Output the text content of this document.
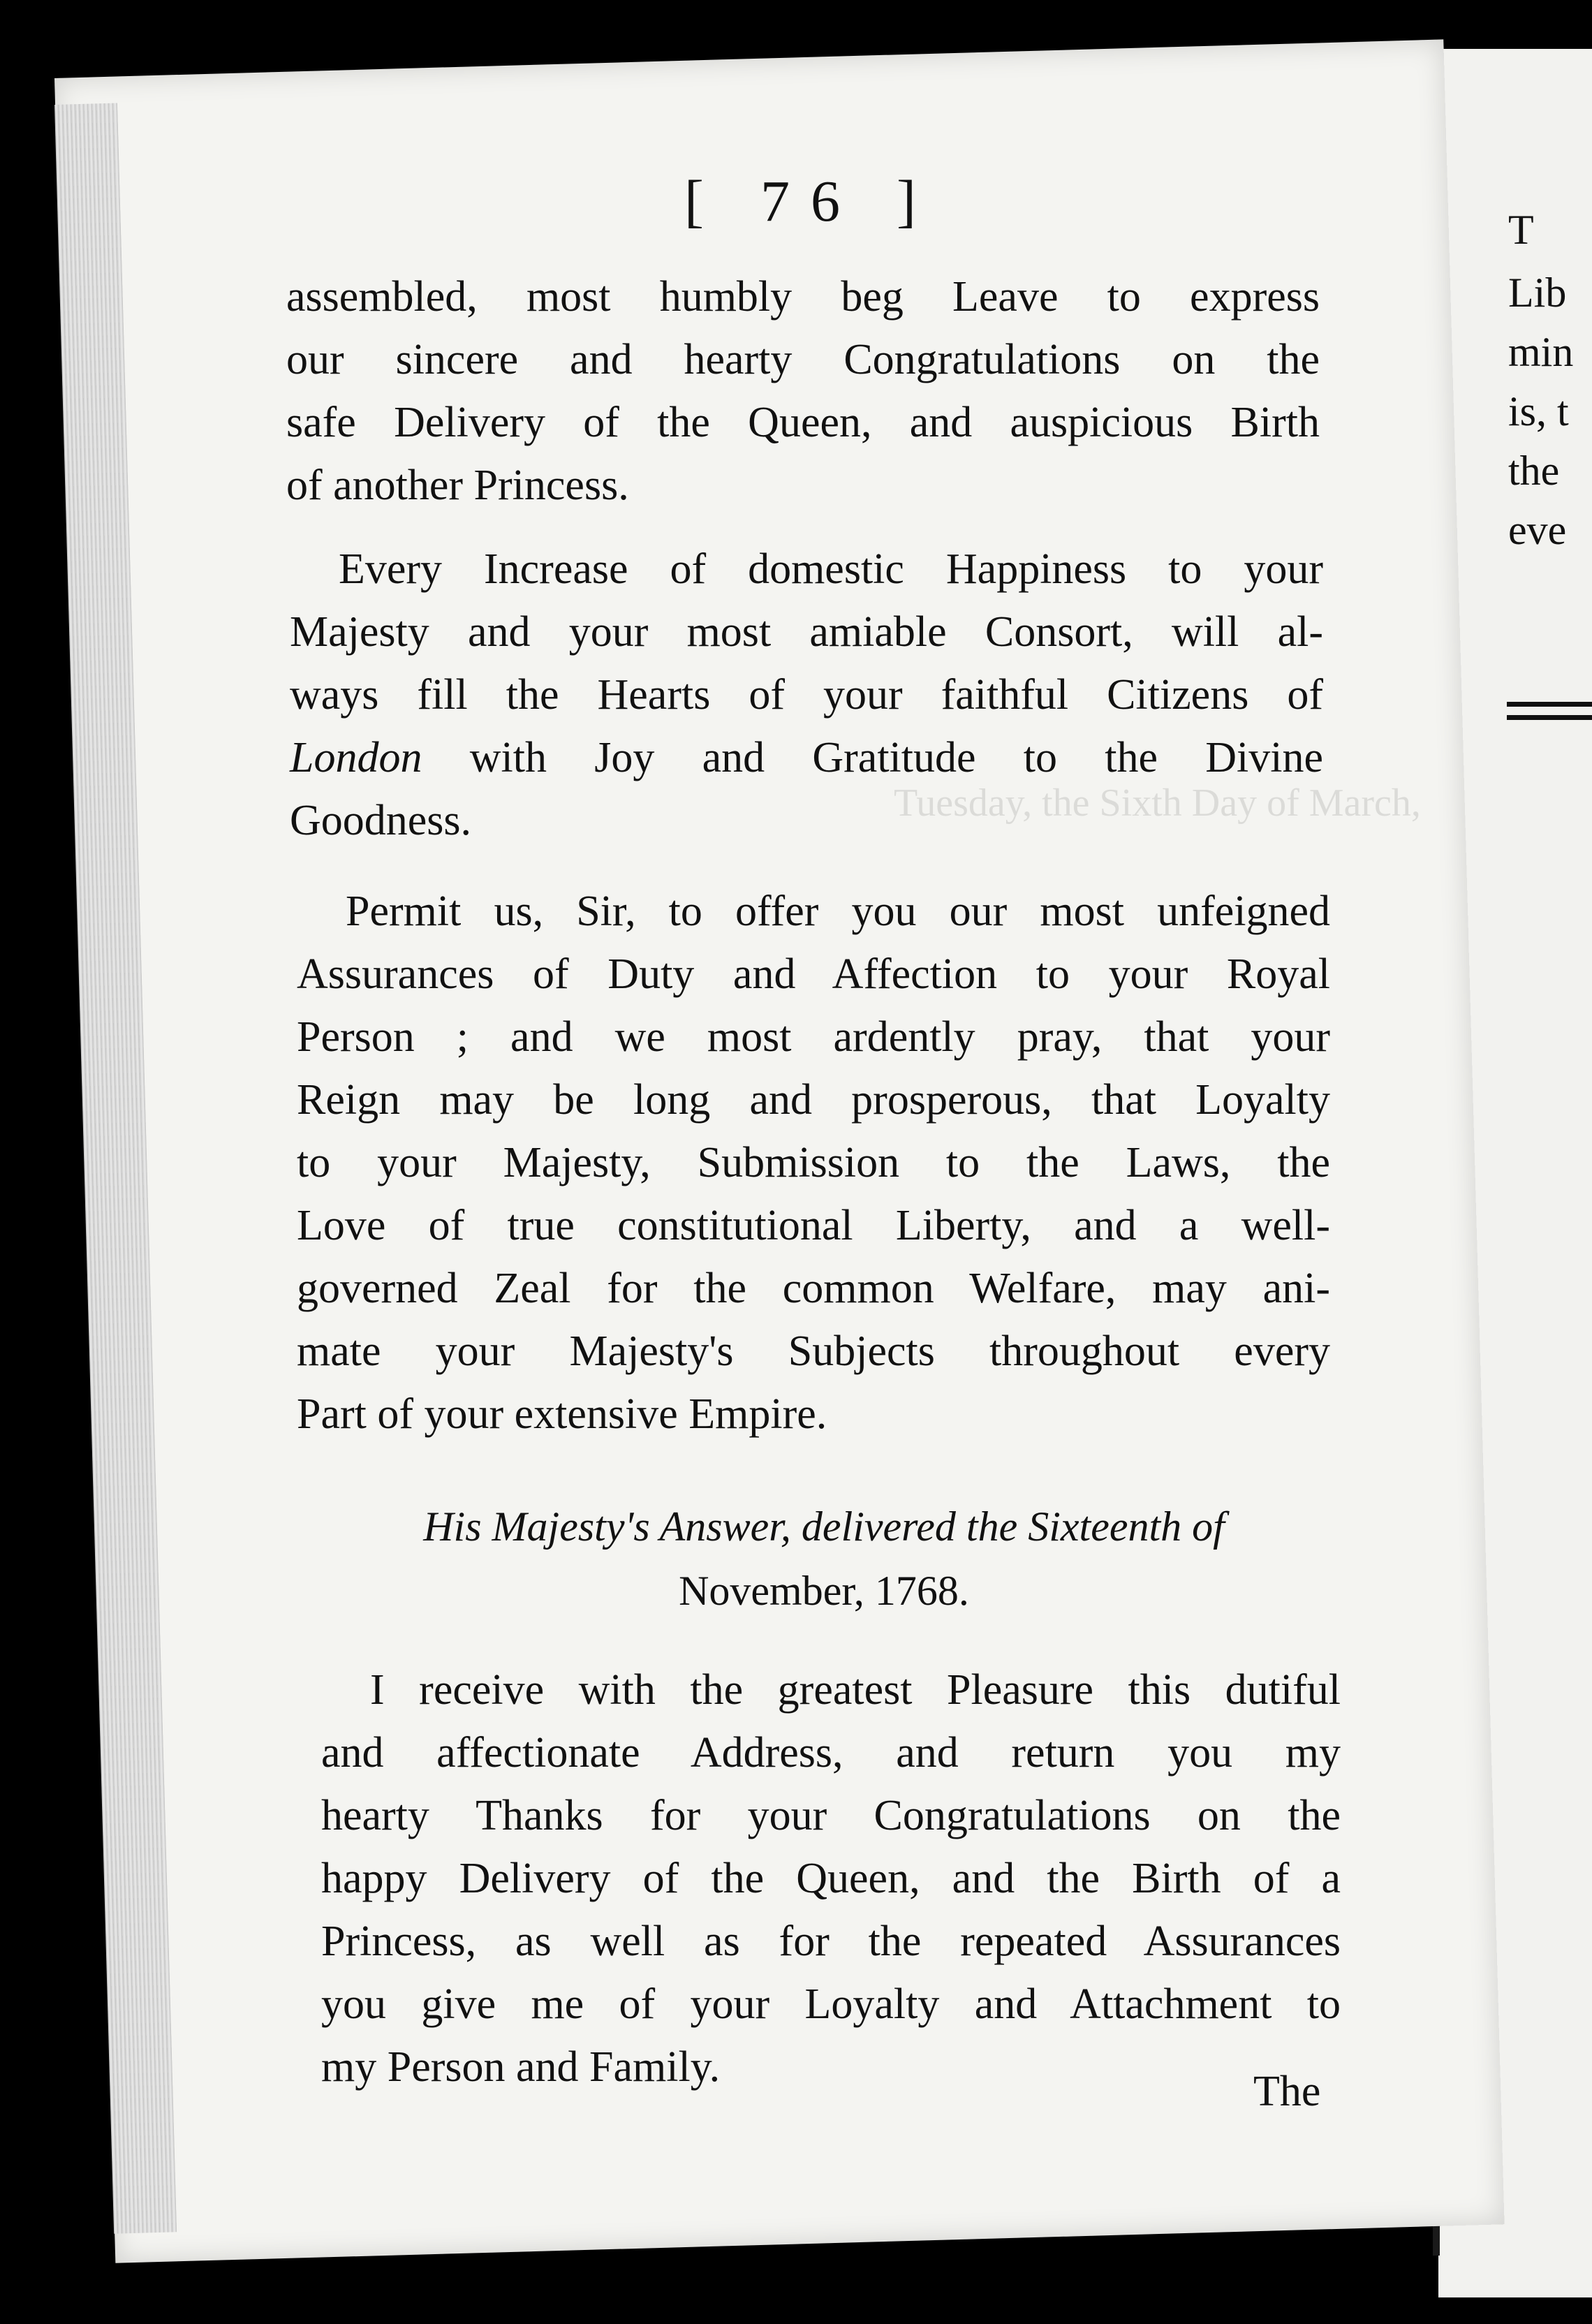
T
Lib
min
is, t
the
eve
Tuesday, the Sixth Day of March,
[ 76 ]
assembled, most humbly beg Leave to express
our sincere and hearty Congratulations on the
safe Delivery of the Queen, and auspicious Birth
of another Princess.
Every Increase of domestic Happiness to your
Majesty and your most amiable Consort, will al-
ways fill the Hearts of your faithful Citizens of
London with Joy and Gratitude to the Divine
Goodness.
Permit us, Sir, to offer you our most unfeigned
Assurances of Duty and Affection to your Royal
Person ; and we most ardently pray, that your
Reign may be long and prosperous, that Loyalty
to your Majesty, Submission to the Laws, the
Love of true constitutional Liberty, and a well-
governed Zeal for the common Welfare, may ani-
mate your Majesty's Subjects throughout every
Part of your extensive Empire.
His Majesty's Answer, delivered the Sixteenth of
November, 1768.
I receive with the greatest Pleasure this dutiful
and affectionate Address, and return you my
hearty Thanks for your Congratulations on the
happy Delivery of the Queen, and the Birth of a
Princess, as well as for the repeated Assurances
you give me of your Loyalty and Attachment to
my Person and Family.
The
